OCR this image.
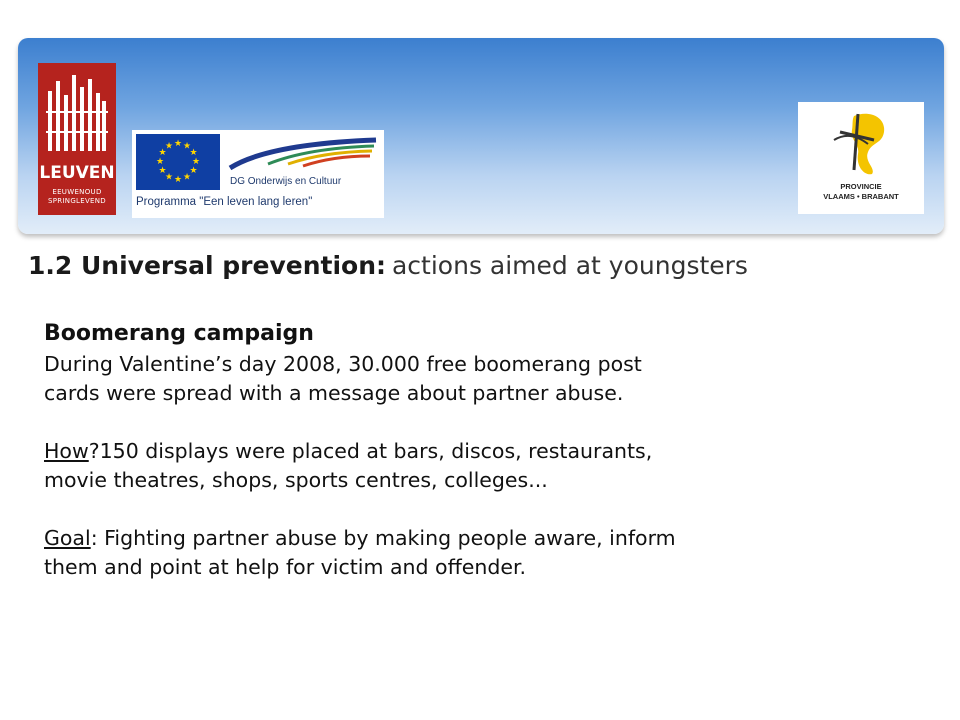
LEUVEN
EEUWENOUD
SPRINGLEVEND
★ ★
★
★
★
★
★
★
★
★
★
★
DG Onderwijs en Cultuur
Programma "Een leven lang leren"
PROVINCIE
VLAAMS • BRABANT
1.2 Universal prevention: actions aimed at youngsters

Boomerang campaign

During Valentine’s day 2008, 30.000 free boomerang post

cards were spread with a message about partner abuse.

How?150 displays were placed at bars, discos, restaurants,

movie theatres, shops, sports centres, colleges...

Goal: Fighting partner abuse by making people aware, inform

them and point at help for victim and offender.
